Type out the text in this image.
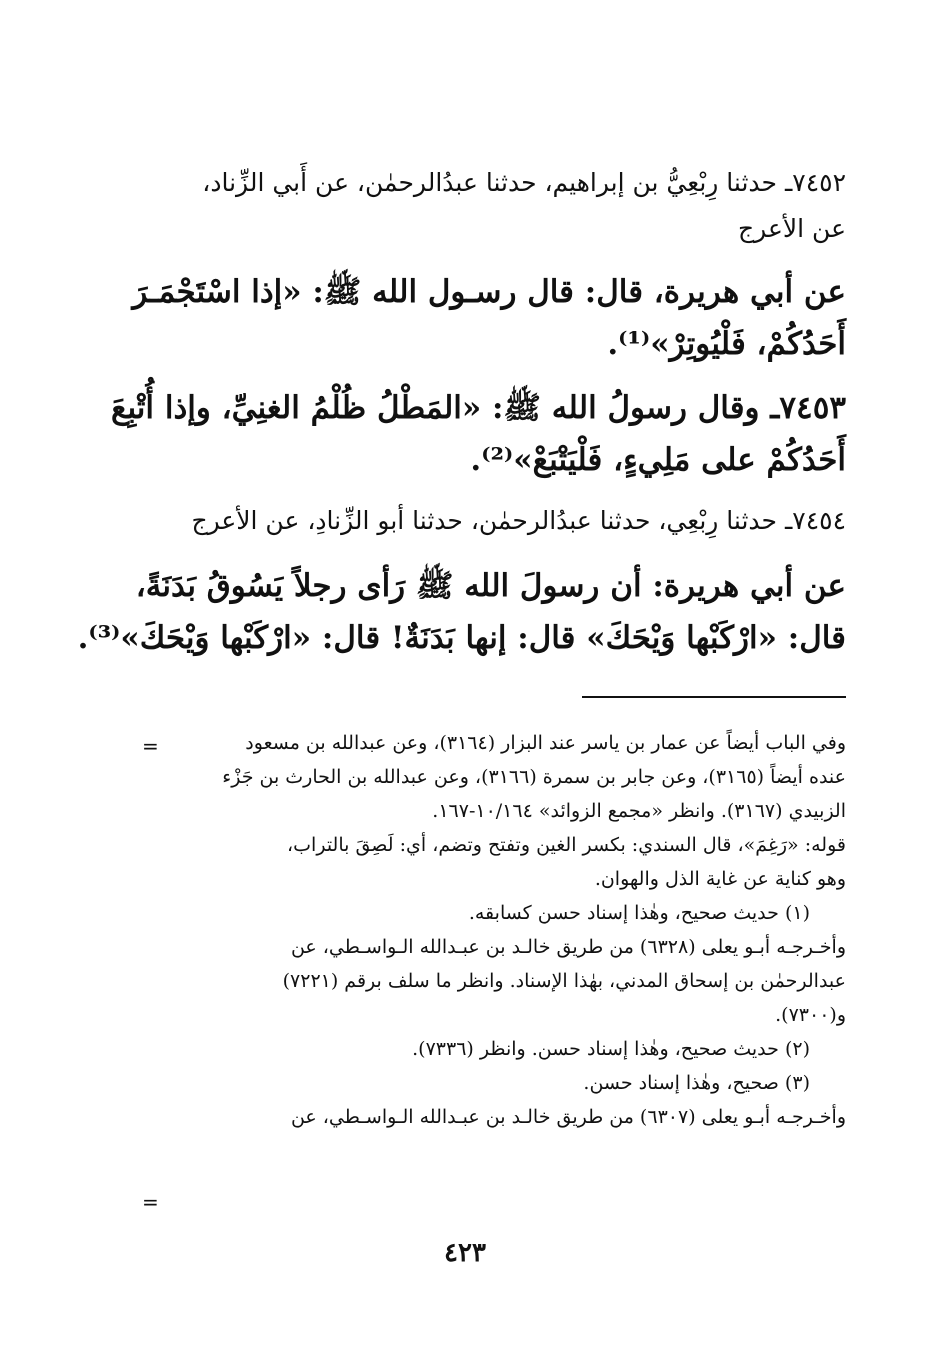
٧٤٥٢ـ حدثنا رِبْعِيُّ بن إبراهيم، حدثنا عبدُالرحمٰن، عن أَبي الزِّناد،
عن الأعرج
عن أبي هريرة، قال: قال رسـول الله ﷺ: «إذا اسْتَجْمَـرَ
أَحَدُكُمْ، فَلْيُوتِرْ»⁽¹⁾.
٧٤٥٣ـ وقال رسولُ الله ﷺ: «المَطْلُ ظُلْمُ الغنِيِّ، وإذا أُتْبِعَ
أَحَدُكُمْ على مَلِيءٍ، فَلْيَتْبَعْ»⁽²⁾.
٧٤٥٤ـ حدثنا رِبْعِي، حدثنا عبدُالرحمٰن، حدثنا أبو الزِّنادِ، عن الأعرج
عن أبي هريرة: أن رسولَ الله ﷺ رَأى رجلاً يَسُوقُ بَدَنَةً،
قال: «ارْكَبْها وَيْحَكَ» قال: إنها بَدَنَةٌ! قال: «ارْكَبْها وَيْحَكَ»⁽³⁾.
=	وفي الباب أيضاً عن عمار بن ياسر عند البزار (٣١٦٤)، وعن عبدالله بن مسعود
عنده أيضاً (٣١٦٥)، وعن جابر بن سمرة (٣١٦٦)، وعن عبدالله بن الحارث بن جَزْء
الزبيدي (٣١٦٧). وانظر «مجمع الزوائد» ١٠/١٦٤-١٦٧.
قوله: «رَغِمَ»، قال السندي: بكسر الغين وتفتح وتضم، أي: لَصِقَ بالتراب،
وهو كناية عن غاية الذل والهوان.
(١) حديث صحيح، وهٰذا إسناد حسن كسابقه.
وأخـرجـه أبـو يعلى (٦٣٢٨) من طريق خالـد بن عبـدالله الـواسـطي، عن
عبدالرحمٰن بن إسحاق المدني، بهٰذا الإسناد. وانظر ما سلف برقم (٧٢٢١)
و(٧٣٠٠).
(٢) حديث صحيح، وهٰذا إسناد حسن. وانظر (٧٣٣٦).
(٣) صحيح، وهٰذا إسناد حسن.
وأخـرجـه أبـو يعلى (٦٣٠٧) من طريق خالـد بن عبـدالله الـواسـطي، عن
=
٤٢٣
